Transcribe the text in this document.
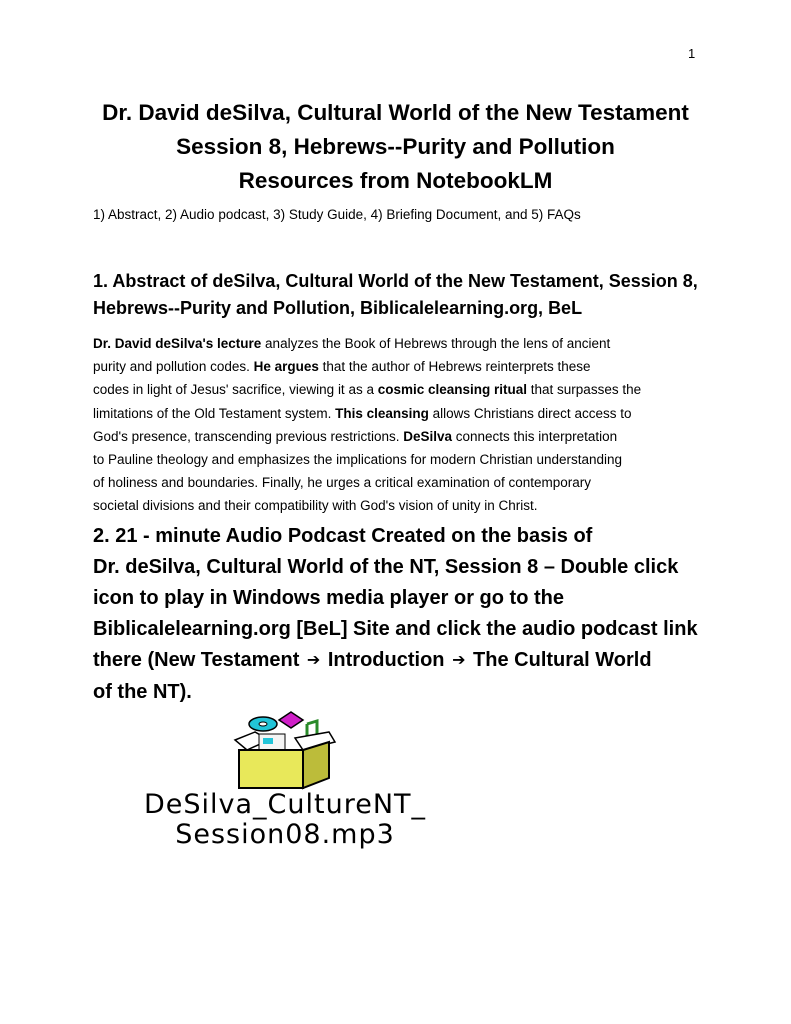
1
Dr. David deSilva, Cultural World of the New Testament
Session 8, Hebrews--Purity and Pollution
Resources from NotebookLM
1) Abstract, 2) Audio podcast, 3) Study Guide, 4) Briefing Document, and 5) FAQs
1. Abstract of deSilva, Cultural World of the New Testament, Session 8,
Hebrews--Purity and Pollution, Biblicalelearning.org, BeL
Dr. David deSilva's lecture analyzes the Book of Hebrews through the lens of ancient
purity and pollution codes. He argues that the author of Hebrews reinterprets these
codes in light of Jesus' sacrifice, viewing it as a cosmic cleansing ritual that surpasses the
limitations of the Old Testament system. This cleansing allows Christians direct access to
God's presence, transcending previous restrictions. DeSilva connects this interpretation
to Pauline theology and emphasizes the implications for modern Christian understanding
of holiness and boundaries. Finally, he urges a critical examination of contemporary
societal divisions and their compatibility with God's vision of unity in Christ.
2. 21 - minute Audio Podcast Created on the basis of
Dr. deSilva, Cultural World of the NT, Session 8 – Double click
icon to play in Windows media player or go to the
Biblicalelearning.org [BeL] Site and click the audio podcast link
there (New Testament ➔ Introduction ➔ The Cultural World
of the NT).
DeSilva_CultureNT_
Session08.mp3
